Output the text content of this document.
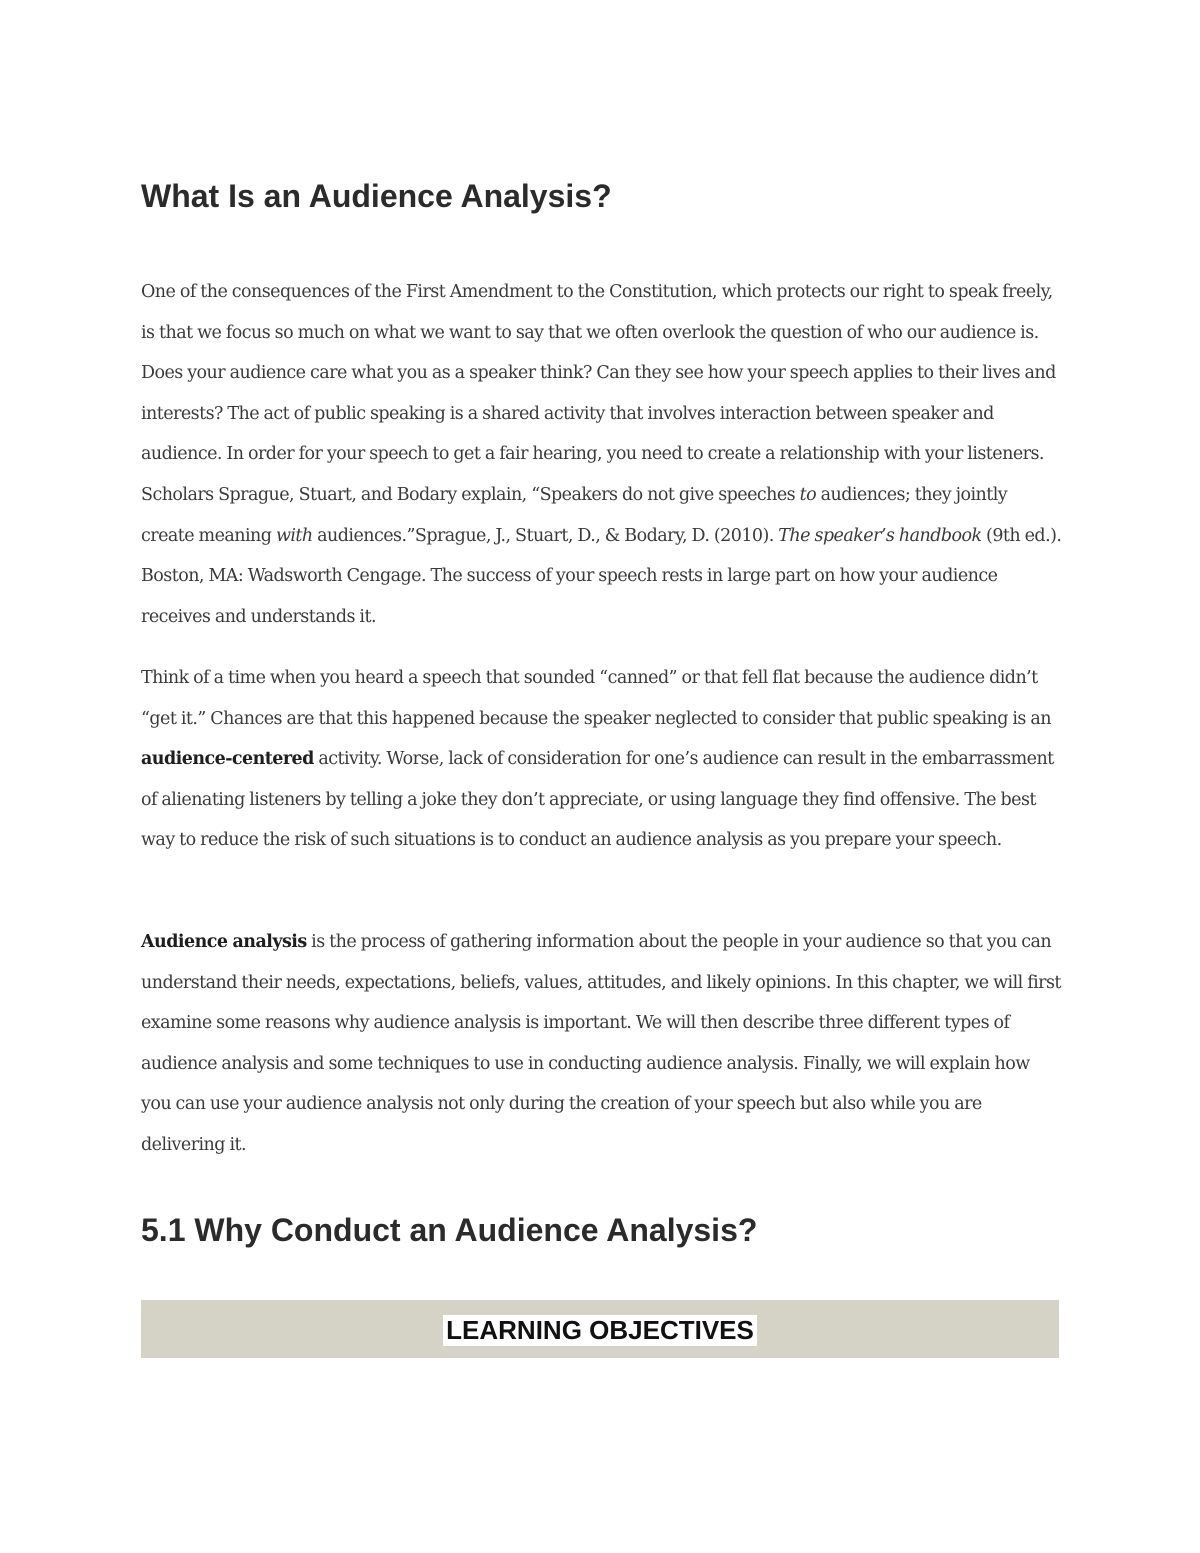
What Is an Audience Analysis?

One of the consequences of the First Amendment to the Constitution, which protects our right to speak freely, is that we focus so much on what we want to say that we often overlook the question of who our audience is. Does your audience care what you as a speaker think? Can they see how your speech applies to their lives and interests? The act of public speaking is a shared activity that involves interaction between speaker and audience. In order for your speech to get a fair hearing, you need to create a relationship with your listeners. Scholars Sprague, Stuart, and Bodary explain, “Speakers do not give speeches to audiences; they jointly create meaning with audiences.”Sprague, J., Stuart, D., & Bodary, D. (2010). The speaker’s handbook (9th ed.). Boston, MA: Wadsworth Cengage. The success of your speech rests in large part on how your audience receives and understands it.

Think of a time when you heard a speech that sounded “canned” or that fell flat because the audience didn’t “get it.” Chances are that this happened because the speaker neglected to consider that public speaking is an audience-centered activity. Worse, lack of consideration for one’s audience can result in the embarrassment of alienating listeners by telling a joke they don’t appreciate, or using language they find offensive. The best way to reduce the risk of such situations is to conduct an audience analysis as you prepare your speech.

Audience analysis is the process of gathering information about the people in your audience so that you can understand their needs, expectations, beliefs, values, attitudes, and likely opinions. In this chapter, we will first examine some reasons why audience analysis is important. We will then describe three different types of audience analysis and some techniques to use in conducting audience analysis. Finally, we will explain how you can use your audience analysis not only during the creation of your speech but also while you are delivering it.

5.1 Why Conduct an Audience Analysis?
LEARNING OBJECTIVES
